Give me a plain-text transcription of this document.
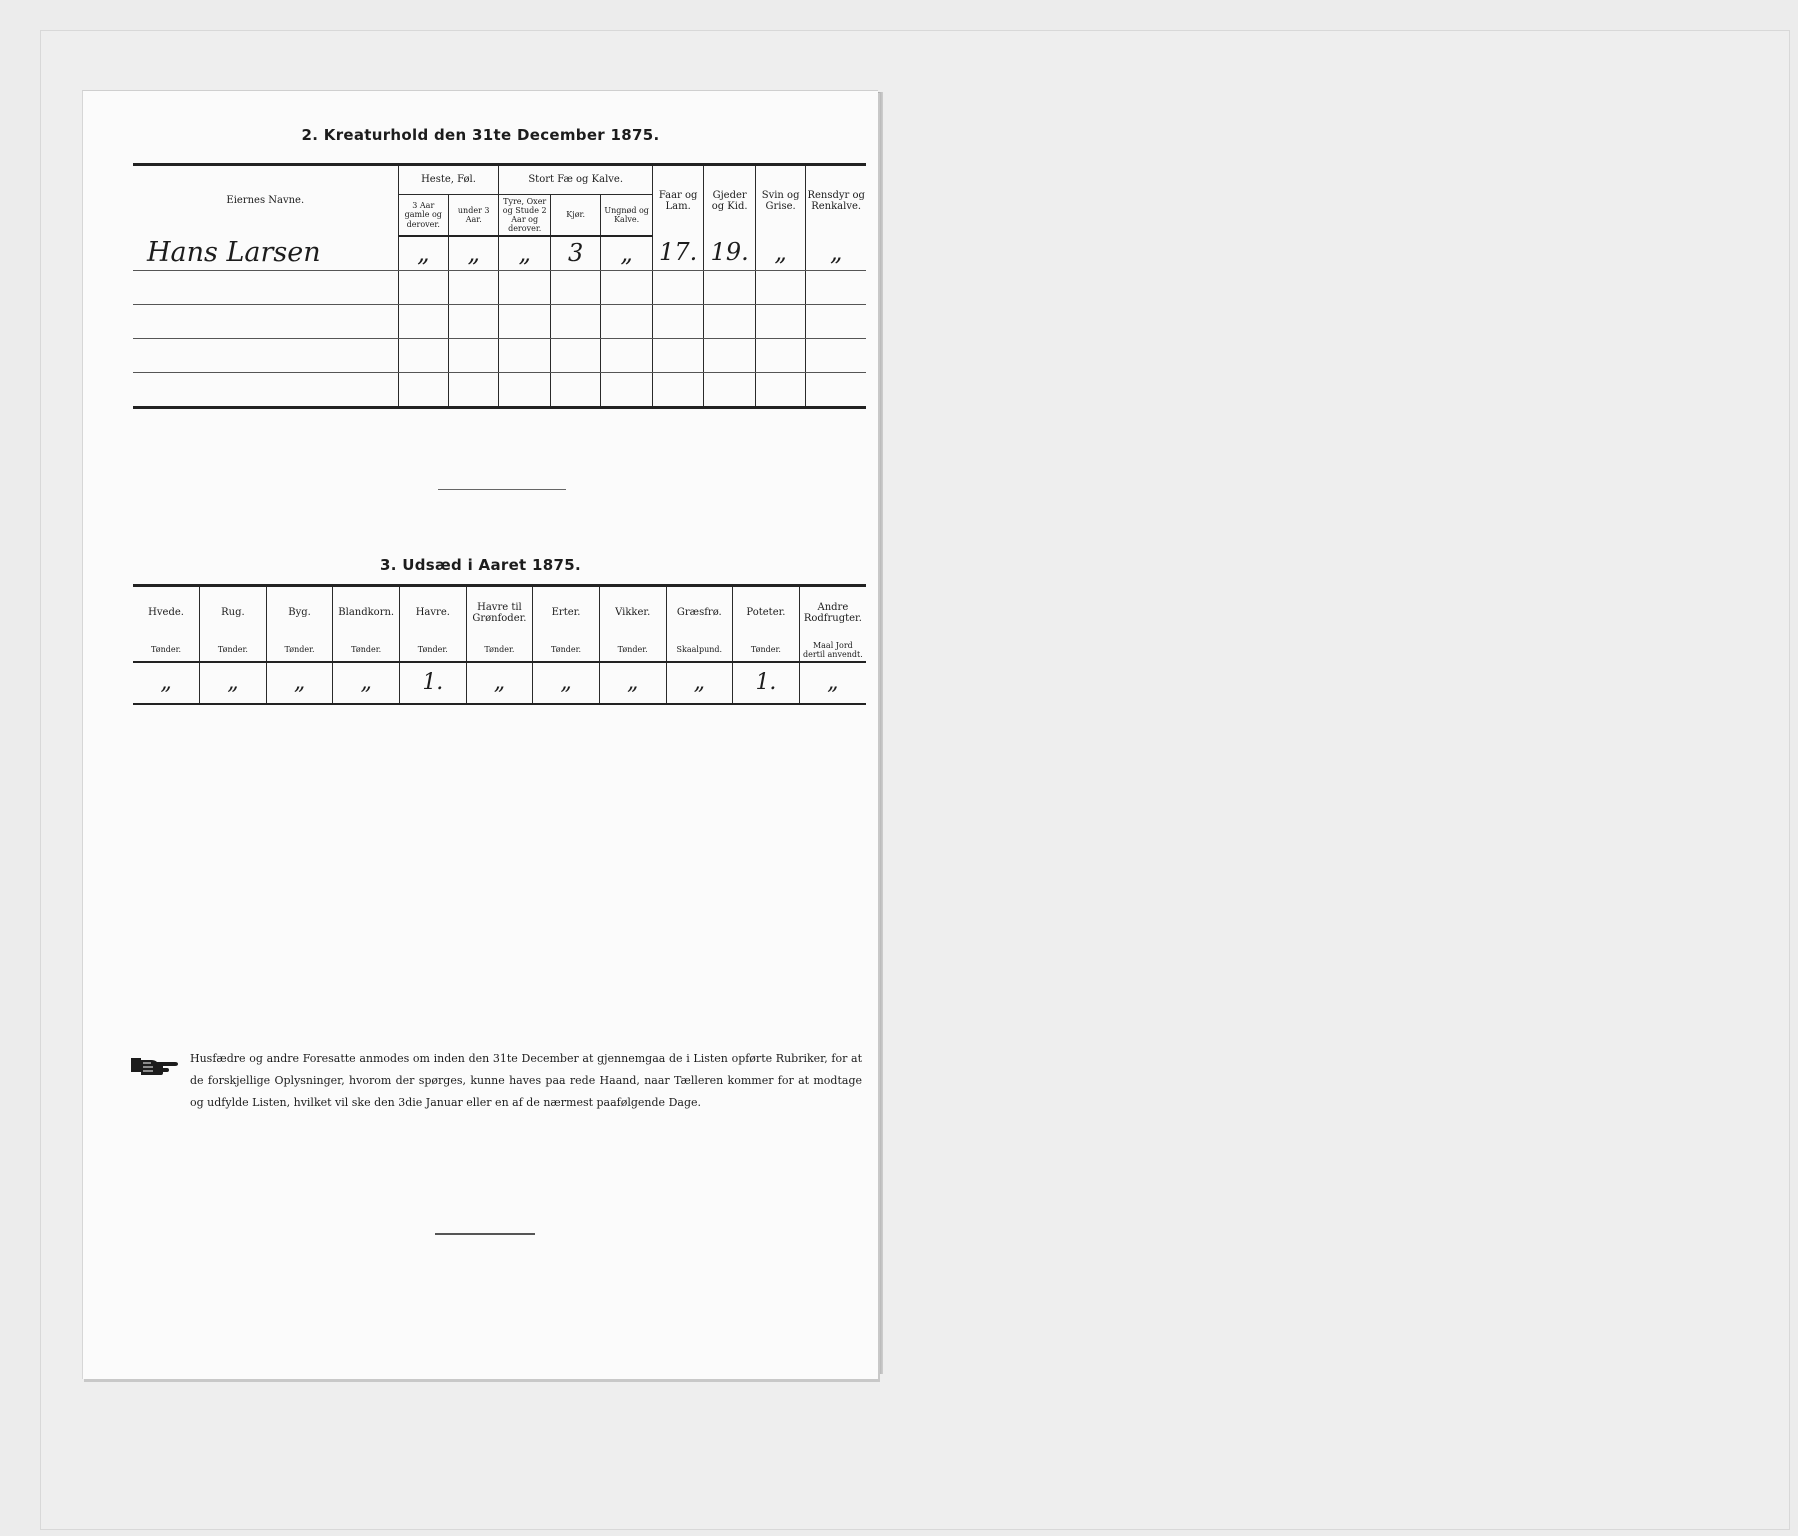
2. Kreaturhold den 31te December 1875.
Eiernes Navne.	Heste, Føl.		Stort Fæ og Kalve.			Faar og Lam.	Gjeder og Kid.	Svin og Grise.	Rensdyr og Renkalve.
	3 Aar gamle og derover.	under 3 Aar.	Tyre, Oxer og Stude 2 Aar og derover.	Kjør.	Ungnød og Kalve.				
Hans Larsen	„	„	„	3	„	17.	19.	„	„

3. Udsæd i Aaret 1875.
Hvede.	Rug.	Byg.	Blandkorn.	Havre.	Havre til Grønfoder.	Erter.	Vikker.	Græsfrø.	Poteter.	Andre Rodfrugter.
Tønder.	Tønder.	Tønder.	Tønder.	Tønder.	Tønder.	Tønder.	Tønder.	Skaalpund.	Tønder.	Maal Jord dertil anvendt.
„	„	„	„	1.	„	„	„	„	1.	„
Husfædre og andre Foresatte anmodes om inden den 31te December at gjennemgaa de i Listen opførte Rubriker, for at de forskjellige Oplysninger, hvorom der spørges, kunne haves paa rede Haand, naar Tælleren kommer for at modtage og udfylde Listen, hvilket vil ske den 3die Januar eller en af de nærmest paafølgende Dage.
